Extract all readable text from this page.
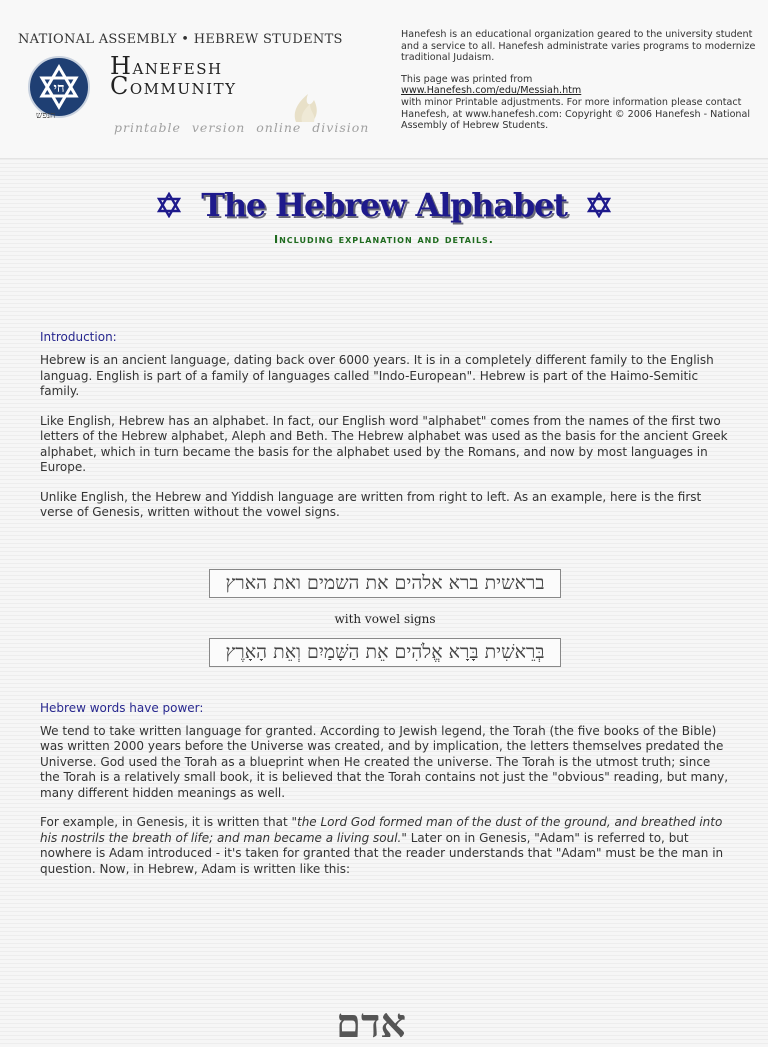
NATIONAL ASSEMBLY • HEBREW STUDENTS
חי
חנפש
HANEFESH
COMMUNITY
printable version online division

Hanefesh is an educational organization geared to the university student and a service to all. Hanefesh administrate varies programs to modernize traditional Judaism.

This page was printed from

www.Hanefesh.com/edu/Messiah.htm

with minor Printable adjustments. For more information please contact Hanefesh, at www.hanefesh.com: Copyright © 2006 Hanefesh - National Assembly of Hebrew Students.

The Hebrew Alphabet
Including explanation and details.
Introduction:

Hebrew is an ancient language, dating back over 6000 years. It is in a completely different family to the English languag. English is part of a family of languages called "Indo-European". Hebrew is part of the Haimo-Semitic family.

Like English, Hebrew has an alphabet. In fact, our English word "alphabet" comes from the names of the first two letters of the Hebrew alphabet, Aleph and Beth. The Hebrew alphabet was used as the basis for the ancient Greek alphabet, which in turn became the basis for the alphabet used by the Romans, and now by most languages in Europe.

Unlike English, the Hebrew and Yiddish language are written from right to left. As an example, here is the first verse of Genesis, written without the vowel signs.

בראשית ברא אלהים את השמים ואת הארץ
with vowel signs
בְּרֵאשִׁית בָּרָא אֱלֹהִים אֵת הַשָּׁמַיִם וְאֵת הָאָרֶץ
Hebrew words have power:

We tend to take written language for granted. According to Jewish legend, the Torah (the five books of the Bible) was written 2000 years before the Universe was created, and by implication, the letters themselves predated the Universe. God used the Torah as a blueprint when He created the universe. The Torah is the utmost truth; since the Torah is a relatively small book, it is believed that the Torah contains not just the "obvious" reading, but many, many different hidden meanings as well.

For example, in Genesis, it is written that "the Lord God formed man of the dust of the ground, and breathed into his nostrils the breath of life; and man became a living soul." Later on in Genesis, "Adam" is referred to, but nowhere is Adam introduced - it's taken for granted that the reader understands that "Adam" must be the man in question. Now, in Hebrew, Adam is written like this:

אדם
